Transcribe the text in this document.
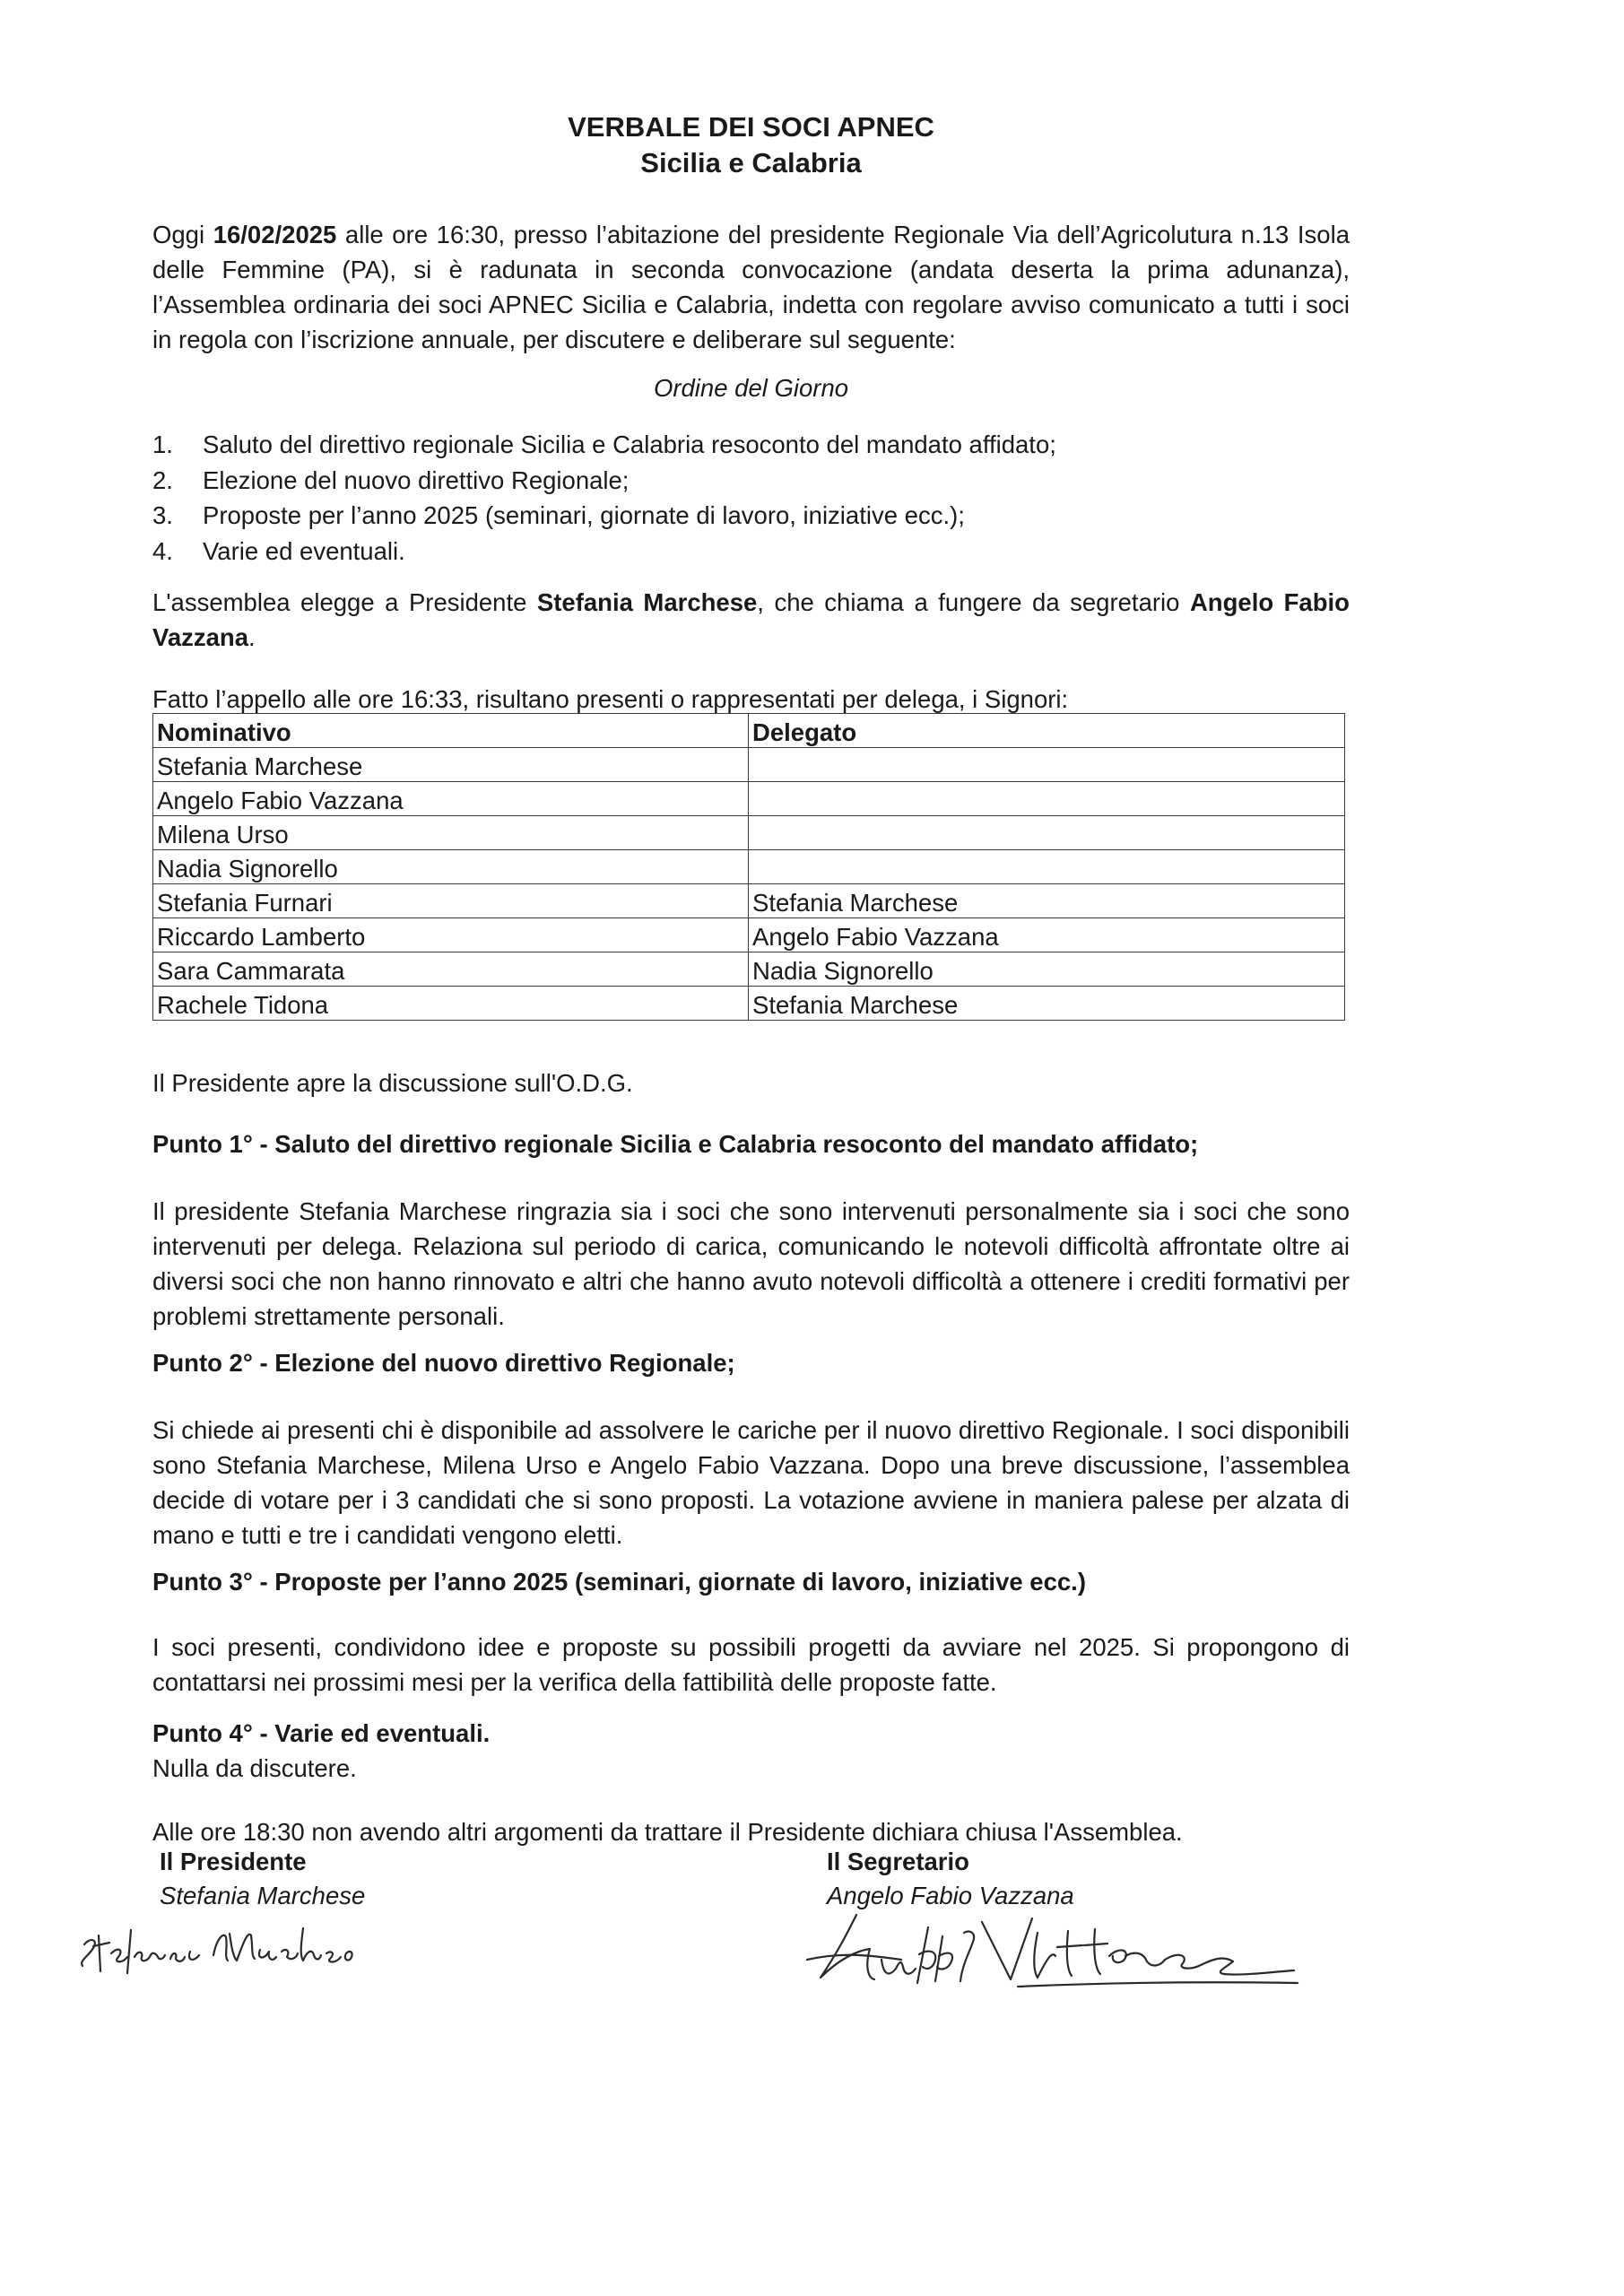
VERBALE DEI SOCI APNEC
Sicilia e Calabria
Oggi 16/02/2025 alle ore 16:30, presso l’abitazione del presidente Regionale Via dell’Agricolutura n.13 Isola delle Femmine (PA), si è radunata in seconda convocazione (andata deserta la prima adunanza), l’Assemblea ordinaria dei soci APNEC Sicilia e Calabria, indetta con regolare avviso comunicato a tutti i soci in regola con l’iscrizione annuale, per discutere e deliberare sul seguente:
Ordine del Giorno
1. Saluto del direttivo regionale Sicilia e Calabria resoconto del mandato affidato;
2. Elezione del nuovo direttivo Regionale;
3. Proposte per l’anno 2025 (seminari, giornate di lavoro, iniziative ecc.);
4. Varie ed eventuali.
L'assemblea elegge a Presidente Stefania Marchese, che chiama a fungere da segretario Angelo Fabio Vazzana.
Fatto l’appello alle ore 16:33, risultano presenti o rappresentati per delega, i Signori:
Nominativo	Delegato
Stefania Marchese	
Angelo Fabio Vazzana	
Milena Urso	
Nadia Signorello	
Stefania Furnari	Stefania Marchese
Riccardo Lamberto	Angelo Fabio Vazzana
Sara Cammarata	Nadia Signorello
Rachele Tidona	Stefania Marchese
Il Presidente apre la discussione sull'O.D.G.
Punto 1° - Saluto del direttivo regionale Sicilia e Calabria resoconto del mandato affidato;
Il presidente Stefania Marchese ringrazia sia i soci che sono intervenuti personalmente sia i soci che sono intervenuti per delega. Relaziona sul periodo di carica, comunicando le notevoli difficoltà affrontate oltre ai diversi soci che non hanno rinnovato e altri che hanno avuto notevoli difficoltà a ottenere i crediti formativi per problemi strettamente personali.
Punto 2° - Elezione del nuovo direttivo Regionale;
Si chiede ai presenti chi è disponibile ad assolvere le cariche per il nuovo direttivo Regionale. I soci disponibili sono Stefania Marchese, Milena Urso e Angelo Fabio Vazzana. Dopo una breve discussione, l’assemblea decide di votare per i 3 candidati che si sono proposti. La votazione avviene in maniera palese per alzata di mano e tutti e tre i candidati vengono eletti.
Punto 3° - Proposte per l’anno 2025 (seminari, giornate di lavoro, iniziative ecc.)
I soci presenti, condividono idee e proposte su possibili progetti da avviare nel 2025. Si propongono di contattarsi nei prossimi mesi per la verifica della fattibilità delle proposte fatte.
Punto 4° - Varie ed eventuali.
Nulla da discutere.
Alle ore 18:30 non avendo altri argomenti da trattare il Presidente dichiara chiusa l'Assemblea.
Il Presidente
Stefania Marchese
Il Segretario
Angelo Fabio Vazzana
